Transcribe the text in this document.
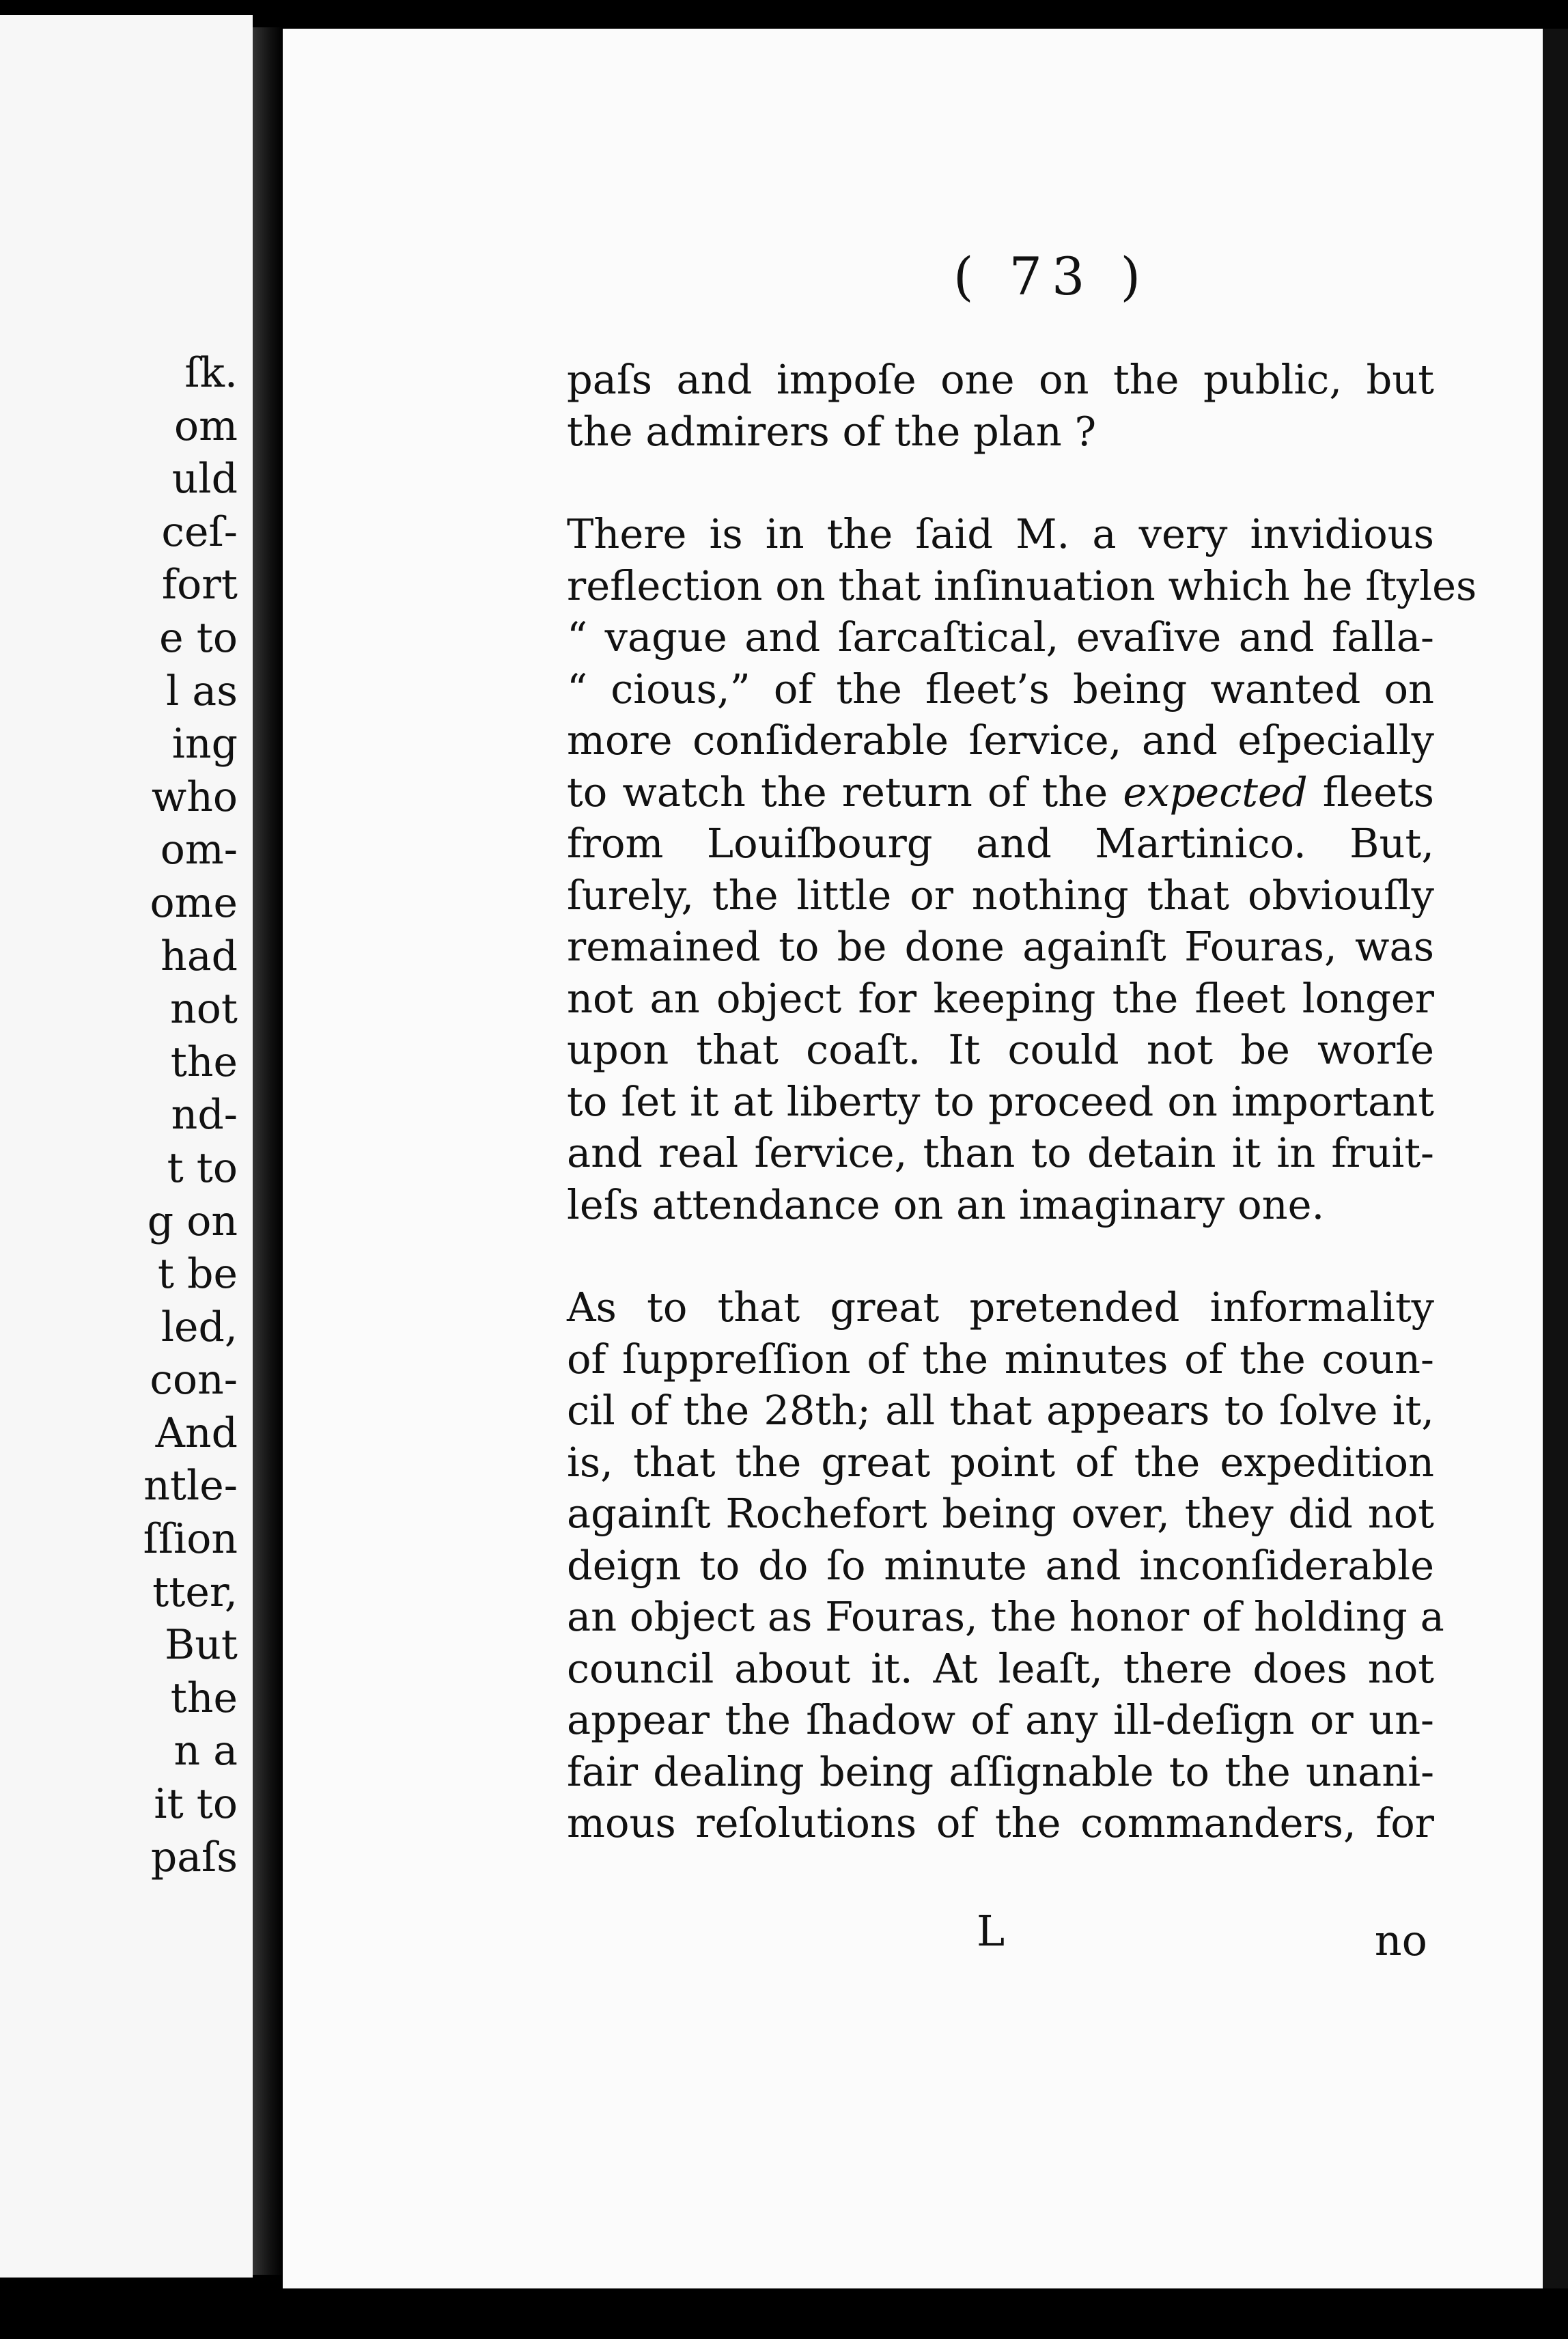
ſk.
om
uld
ceſ-
fort
e to
l as
ing
who
om-
ome
had
not
the
nd-
t to
g on
t be
led,
con-
And
ntle-
ſſion
tter,
But
the
n a
it to
paſs
( 73 )
paſs and impoſe one on the public, but
the admirers of the plan ?
There is in the ſaid M. a very invidious
reflection on that inſinuation which he ſtyles
“ vague and ſarcaſtical, evaſive and falla-
“ cious,” of the fleet’s being wanted on
more conſiderable ſervice, and eſpecially
to watch the return of the expected fleets
from Louiſbourg and Martinico. But,
ſurely, the little or nothing that obviouſly
remained to be done againſt Fouras, was
not an object for keeping the fleet longer
upon that coaſt. It could not be worſe
to ſet it at liberty to proceed on important
and real ſervice, than to detain it in fruit-
leſs attendance on an imaginary one.
As to that great pretended informality
of ſuppreſſion of the minutes of the coun-
cil of the 28th; all that appears to ſolve it,
is, that the great point of the expedition
againſt Rochefort being over, they did not
deign to do ſo minute and inconſiderable
an object as Fouras, the honor of holding a
council about it. At leaſt, there does not
appear the ſhadow of any ill-deſign or un-
fair dealing being aſſignable to the unani-
mous reſolutions of the commanders, for
L	no
